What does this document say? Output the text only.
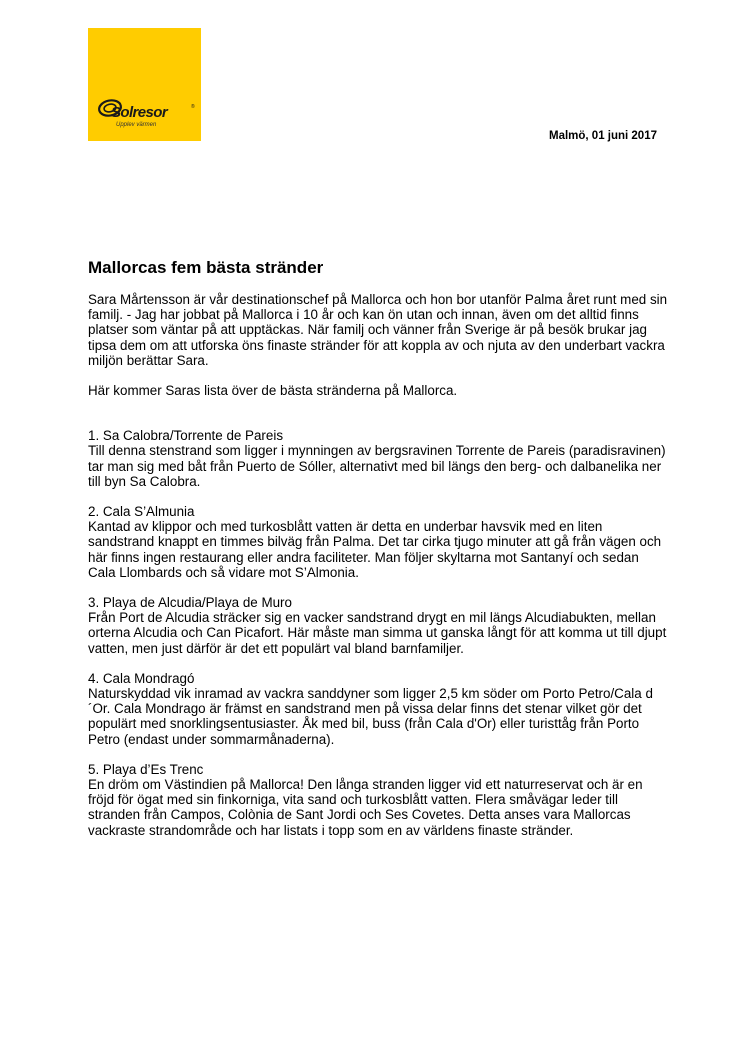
Solresor	®
Upplev värmen
Malmö, 01 juni 2017
Mallorcas fem bästa stränder

Sara Mårtensson är vår destinationschef på Mallorca och hon bor utanför Palma året runt med sin familj. - Jag har jobbat på Mallorca i 10 år och kan ön utan och innan, även om det alltid finns platser som väntar på att upptäckas. När familj och vänner från Sverige är på besök brukar jag tipsa dem om att utforska öns finaste stränder för att koppla av och njuta av den underbart vackra miljön berättar Sara.

Här kommer Saras lista över de bästa stränderna på Mallorca.

1. Sa Calobra/Torrente de Pareis

Till denna stenstrand som ligger i mynningen av bergsravinen Torrente de Pareis (paradisravinen) tar man sig med båt från Puerto de Sóller, alternativt med bil längs den berg- och dalbanelika ner till byn Sa Calobra.

2. Cala S’Almunia

Kantad av klippor och med turkosblått vatten är detta en underbar havsvik med en liten sandstrand knappt en timmes bilväg från Palma. Det tar cirka tjugo minuter att gå från vägen och här finns ingen restaurang eller andra faciliteter. Man följer skyltarna mot Santanyí och sedan Cala Llombards och så vidare mot S’Almonia.

3. Playa de Alcudia/Playa de Muro

Från Port de Alcudia sträcker sig en vacker sandstrand drygt en mil längs Alcudiabukten, mellan orterna Alcudia och Can Picafort. Här måste man simma ut ganska långt för att komma ut till djupt vatten, men just därför är det ett populärt val bland barnfamiljer.

4. Cala Mondragó

Naturskyddad vik inramad av vackra sanddyner som ligger 2,5 km söder om Porto Petro/Cala d´Or. Cala Mondrago är främst en sandstrand men på vissa delar finns det stenar vilket gör det populärt med snorklingsentusiaster. Åk med bil, buss (från Cala d'Or) eller turisttåg från Porto Petro (endast under sommarmånaderna).

5. Playa d’Es Trenc

En dröm om Västindien på Mallorca! Den långa stranden ligger vid ett naturreservat och är en fröjd för ögat med sin finkorniga, vita sand och turkosblått vatten. Flera småvägar leder till stranden från Campos, Colònia de Sant Jordi och Ses Covetes. Detta anses vara Mallorcas vackraste strandområde och har listats i topp som en av världens finaste stränder.
